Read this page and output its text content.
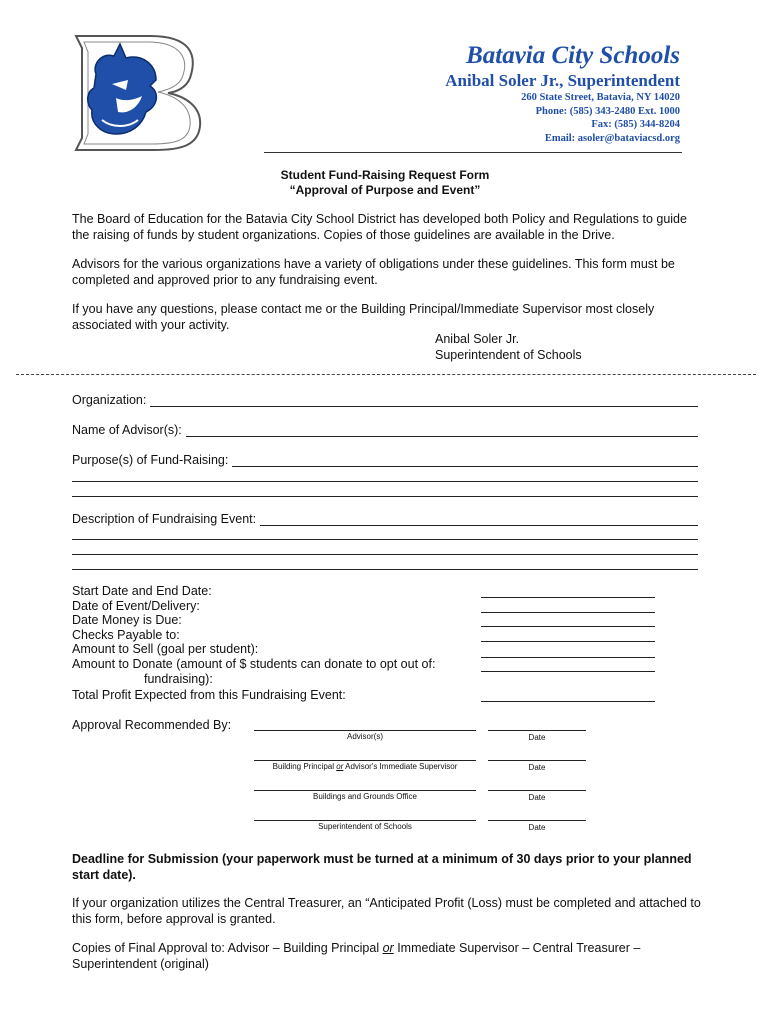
Batavia City Schools
Anibal Soler Jr., Superintendent
260 State Street, Batavia, NY 14020
Phone: (585) 343-2480 Ext. 1000
Fax: (585) 344-8204
Email: asoler@bataviacsd.org
Student Fund-Raising Request Form
“Approval of Purpose and Event”
The Board of Education for the Batavia City School District has developed both Policy and Regulations to guide the raising of funds by student organizations. Copies of those guidelines are available in the Drive.
Advisors for the various organizations have a variety of obligations under these guidelines. This form must be completed and approved prior to any fundraising event.
If you have any questions, please contact me or the Building Principal/Immediate Supervisor most closely associated with your activity.
Anibal Soler Jr.
Superintendent of Schools
Organization:
Name of Advisor(s):
Purpose(s) of Fund-Raising:
Description of Fundraising Event:
Start Date and End Date:
Date of Event/Delivery:
Date Money is Due:
Checks Payable to:
Amount to Sell (goal per student):
Amount to Donate (amount of $ students can donate to opt out of:
fundraising):
Total Profit Expected from this Fundraising Event:
Approval Recommended By:
Advisor(s)	Date
Building Principal or Advisor's Immediate Supervisor	Date
Buildings and Grounds Office	Date
Superintendent of Schools	Date
Deadline for Submission (your paperwork must be turned at a minimum of 30 days prior to your planned start date).
If your organization utilizes the Central Treasurer, an “Anticipated Profit (Loss) must be completed and attached to this form, before approval is granted.
Copies of Final Approval to: Advisor – Building Principal or Immediate Supervisor – Central Treasurer – Superintendent (original)
